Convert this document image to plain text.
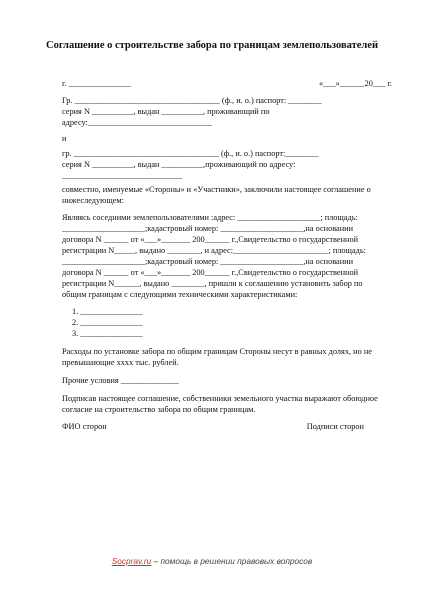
Соглашение о строительстве забора по границам землепользователей
г. _______________	«___»______20___ г.
Гр. ___________________________________ (ф., и. о.) паспорт: ________
серия N __________, выдан __________, проживающий по
адресу:______________________________
и
гр. ___________________________________ (ф., и. о.) паспорт:________
серия N __________, выдан __________,проживающий по адресу:
_____________________________
совместно, именуемые «Стороны» и «Участники», заключили настоящее соглашение о
нижеследующем:
Являясь соседними землепользователями :адрес: ____________________; площадь:
____________________;кадастровый номер: ____________________,на основании
договора N ______ от «___»_______ 200______ г.,Свидетельство о государственной
регистрации N_____, выдано ________, и адрес:_______________________; площадь:
____________________;кадастровый номер: ____________________,на основании
договора N ______ от «___»_______ 200______ г.,Свидетельство о государственной
регистрации N______, выдано ________, пришли к соглашению установить забор по
общим границам с следующими техническими характеристиками:
1. _______________
2. _______________
3. _______________
Расходы по установке забора по общим границам Стороны несут в равных долях, но не
превышающие хххх тыс. рублей.
Прочие условия ______________
Подписав настоящее соглашение, собственники земельного участка выражают обоюдное
согласие на строительство забора по общим границам.
ФИО сторон	Подписи сторон
Socprav.ru – помощь в решении правовых вопросов
